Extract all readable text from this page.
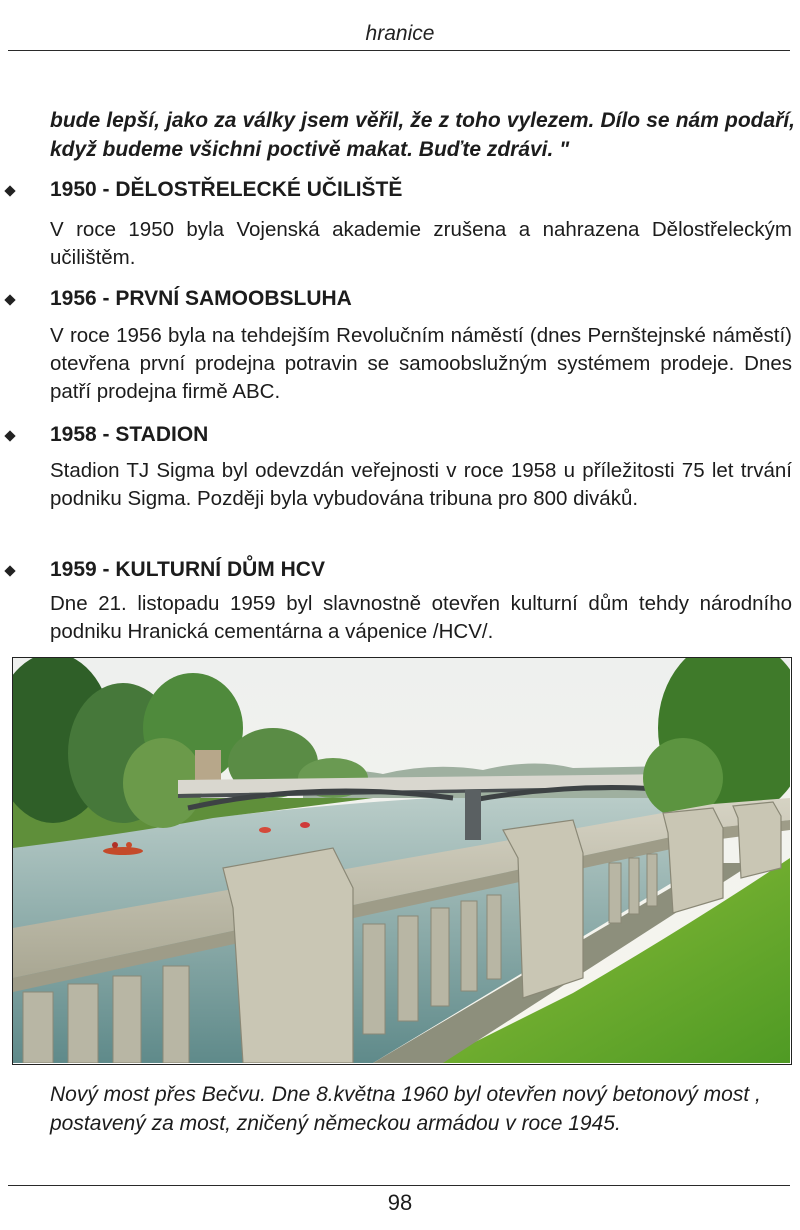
hranice
bude lepší, jako za války jsem věřil, že z toho vylezem. Dílo se nám podaří, když budeme všichni poctivě makat. Buďte zdrávi. "
1950 - DĚLOSTŘELECKÉ UČILIŠTĚ
V roce 1950 byla Vojenská akademie zrušena a nahrazena Dělostřeleckým učilištěm.
1956 - PRVNÍ SAMOOBSLUHA
V roce 1956 byla na tehdejším Revolučním náměstí (dnes Pernštejnské náměstí) otevřena první prodejna potravin se samoobslužným systémem prodeje. Dnes patří prodejna firmě ABC.
1958 - STADION
Stadion TJ Sigma byl odevzdán veřejnosti v roce 1958 u příležitosti 75 let trvání podniku Sigma. Později byla vybudována tribuna pro 800 diváků.
1959 - KULTURNÍ DŮM HCV
Dne 21. listopadu 1959 byl slavnostně otevřen kulturní dům tehdy národního podniku Hranická cementárna a vápenice /HCV/.
Nový most přes Bečvu. Dne 8.května 1960 byl otevřen nový betonový most , postavený za most, zničený německou armádou v roce 1945.
98
